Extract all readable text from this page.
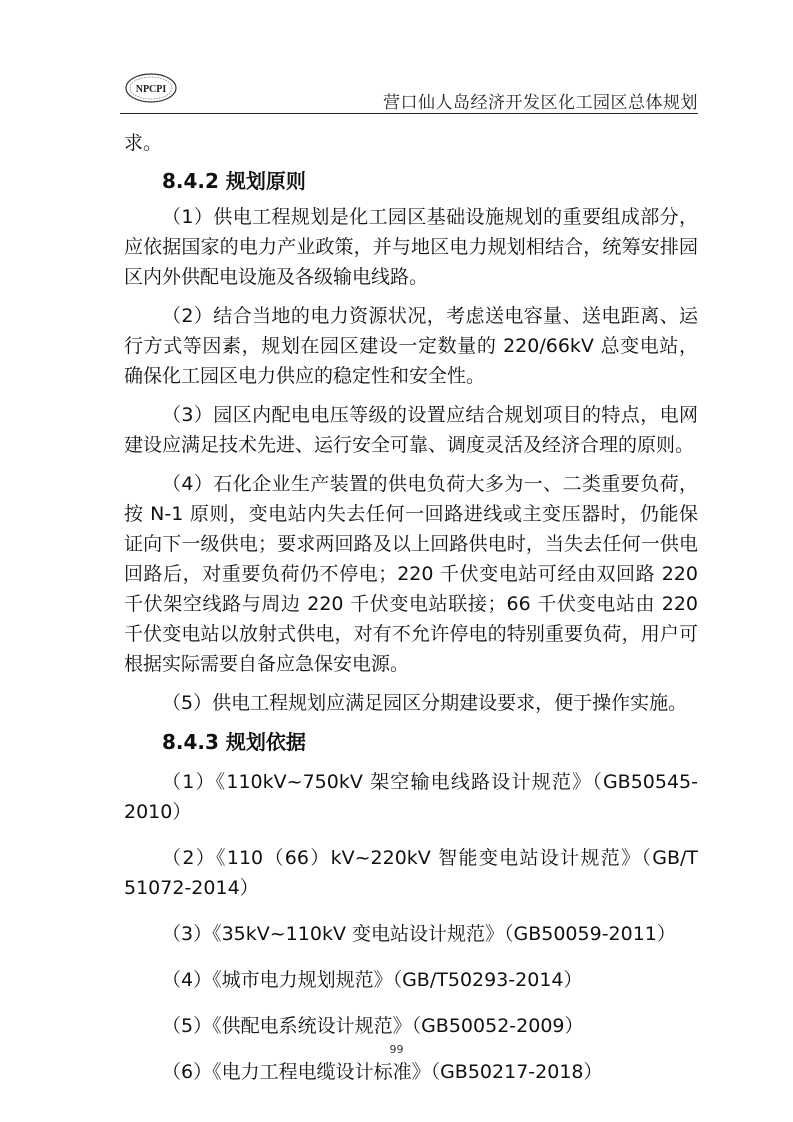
NPCPI
营口仙人岛经济开发区化工园区总体规划

求。

8.4.2 规划原则

（1）供电工程规划是化工园区基础设施规划的重要组成部分，应依据国家的电力产业政策，并与地区电力规划相结合，统筹安排园区内外供配电设施及各级输电线路。

（2）结合当地的电力资源状况，考虑送电容量、送电距离、运行方式等因素，规划在园区建设一定数量的 220/66kV 总变电站，确保化工园区电力供应的稳定性和安全性。

（3）园区内配电电压等级的设置应结合规划项目的特点，电网建设应满足技术先进、运行安全可靠、调度灵活及经济合理的原则。

（4）石化企业生产装置的供电负荷大多为一、二类重要负荷，按 N-1 原则，变电站内失去任何一回路进线或主变压器时，仍能保证向下一级供电；要求两回路及以上回路供电时，当失去任何一供电回路后，对重要负荷仍不停电；220 千伏变电站可经由双回路 220 千伏架空线路与周边 220 千伏变电站联接；66 千伏变电站由 220 千伏变电站以放射式供电，对有不允许停电的特别重要负荷，用户可根据实际需要自备应急保安电源。

（5）供电工程规划应满足园区分期建设要求，便于操作实施。

8.4.3 规划依据

（1）《110kV~750kV 架空输电线路设计规范》（GB50545-2010）

（2）《110（66）kV~220kV 智能变电站设计规范》（GB/T 51072-2014）

（3）《35kV~110kV 变电站设计规范》（GB50059-2011）

（4）《城市电力规划规范》（GB/T50293-2014）

（5）《供配电系统设计规范》（GB50052-2009）

（6）《电力工程电缆设计标准》（GB50217-2018）

99
